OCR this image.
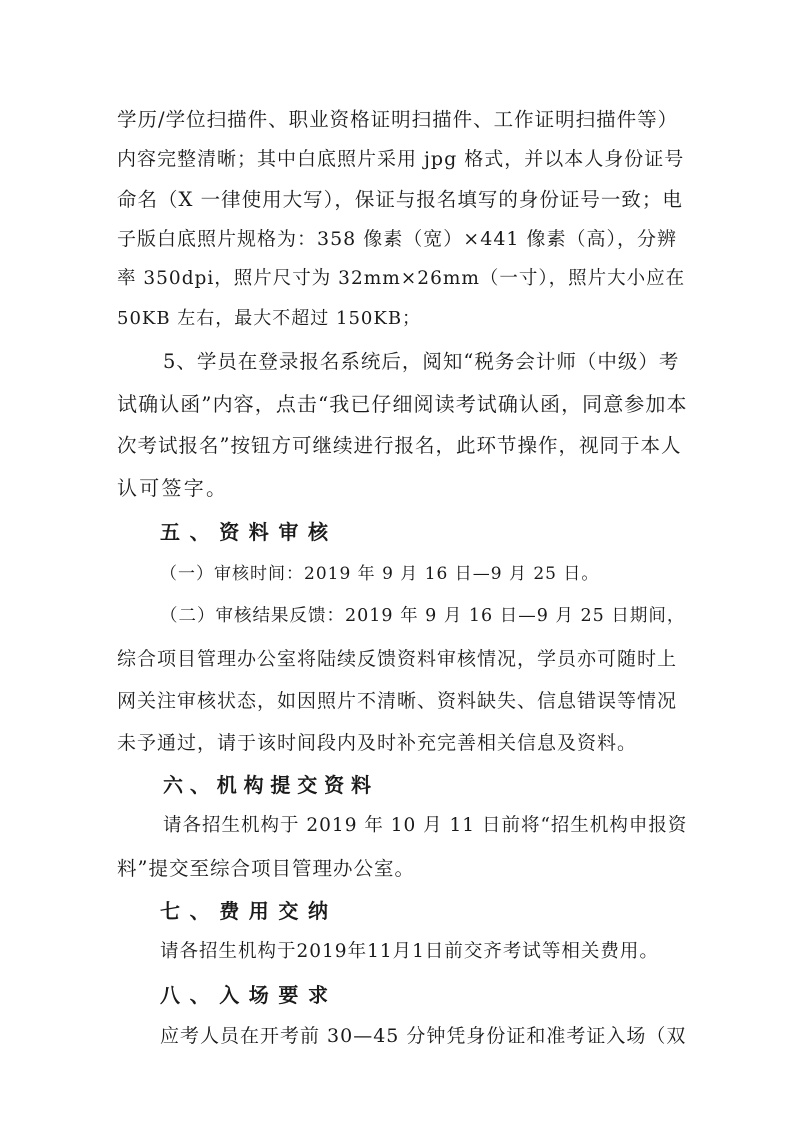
学历/学位扫描件、职业资格证明扫描件、工作证明扫描件等）
内容完整清晰；其中白底照片采用 jpg 格式，并以本人身份证号
命名（X 一律使用大写），保证与报名填写的身份证号一致；电
子版白底照片规格为：358 像素（宽）×441 像素（高），分辨
率 350dpi，照片尺寸为 32mm×26mm（一寸），照片大小应在
50KB 左右，最大不超过 150KB；
5、学员在登录报名系统后，阅知“税务会计师（中级）考
试确认函”内容，点击“我已仔细阅读考试确认函，同意参加本
次考试报名”按钮方可继续进行报名，此环节操作，视同于本人
认可签字。
五、资料审核
（一）审核时间：2019 年 9 月 16 日—9 月 25 日。
（二）审核结果反馈：2019 年 9 月 16 日—9 月 25 日期间，
综合项目管理办公室将陆续反馈资料审核情况，学员亦可随时上
网关注审核状态，如因照片不清晰、资料缺失、信息错误等情况
未予通过，请于该时间段内及时补充完善相关信息及资料。
六、机构提交资料
请各招生机构于 2019 年 10 月 11 日前将“招生机构申报资
料”提交至综合项目管理办公室。
七、费用交纳
请各招生机构于2019年11月1日前交齐考试等相关费用。
八、入场要求
应考人员在开考前 30—45 分钟凭身份证和准考证入场（双
